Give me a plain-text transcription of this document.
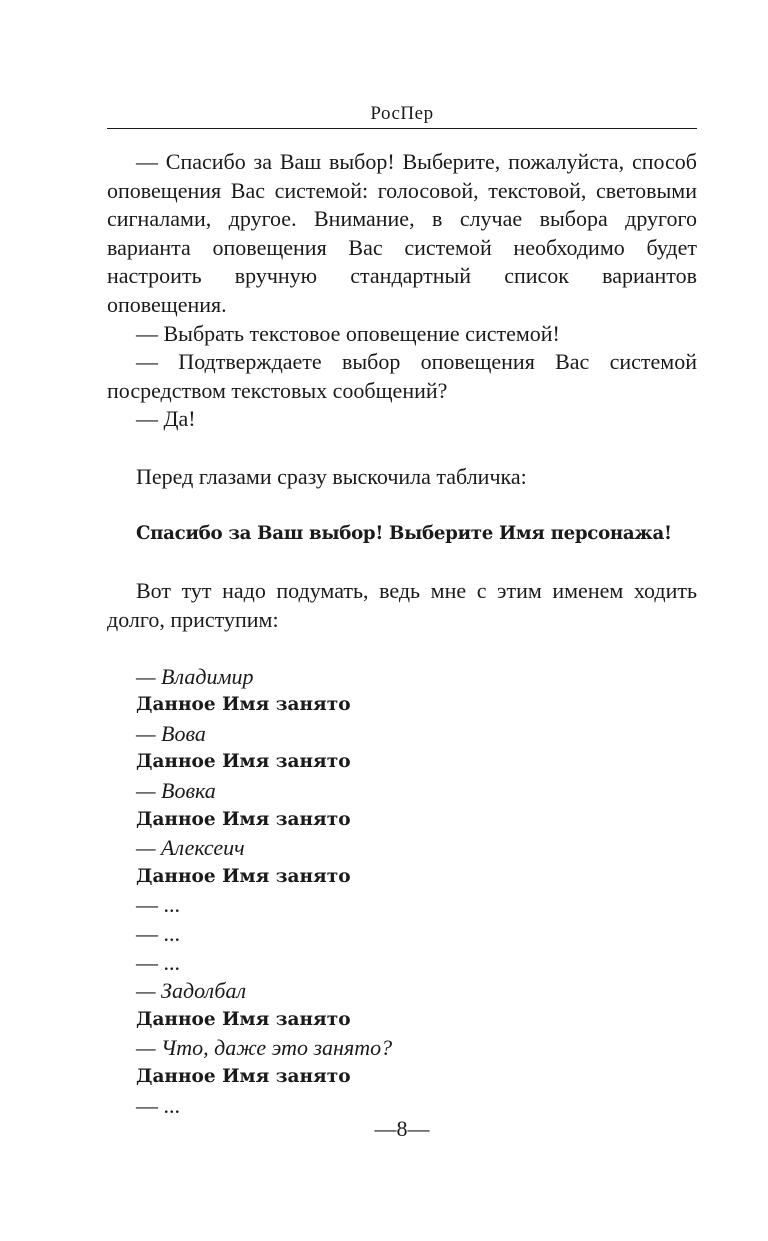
РосПер

— Спасибо за Ваш выбор! Выберите, пожалуйста, способ оповещения Вас системой: голосовой, текстовой, световыми сигналами, другое. Внимание, в случае выбора другого варианта оповещения Вас системой необходимо будет настроить вручную стандартный список вариантов оповещения.

— Выбрать текстовое оповещение системой!

— Подтверждаете выбор оповещения Вас системой посредством текстовых сообщений?

— Да!

Перед глазами сразу выскочила табличка:

Спасибо за Ваш выбор! Выберите Имя персонажа!

Вот тут надо подумать, ведь мне с этим именем ходить долго, приступим:

— Владимир

Данное Имя занято

— Вова

Данное Имя занято

— Вовка

Данное Имя занято

— Алексеич

Данное Имя занято

— ...

— ...

— ...

— Задолбал

Данное Имя занято

— Что, даже это занято?

Данное Имя занято

— ...

—8—
